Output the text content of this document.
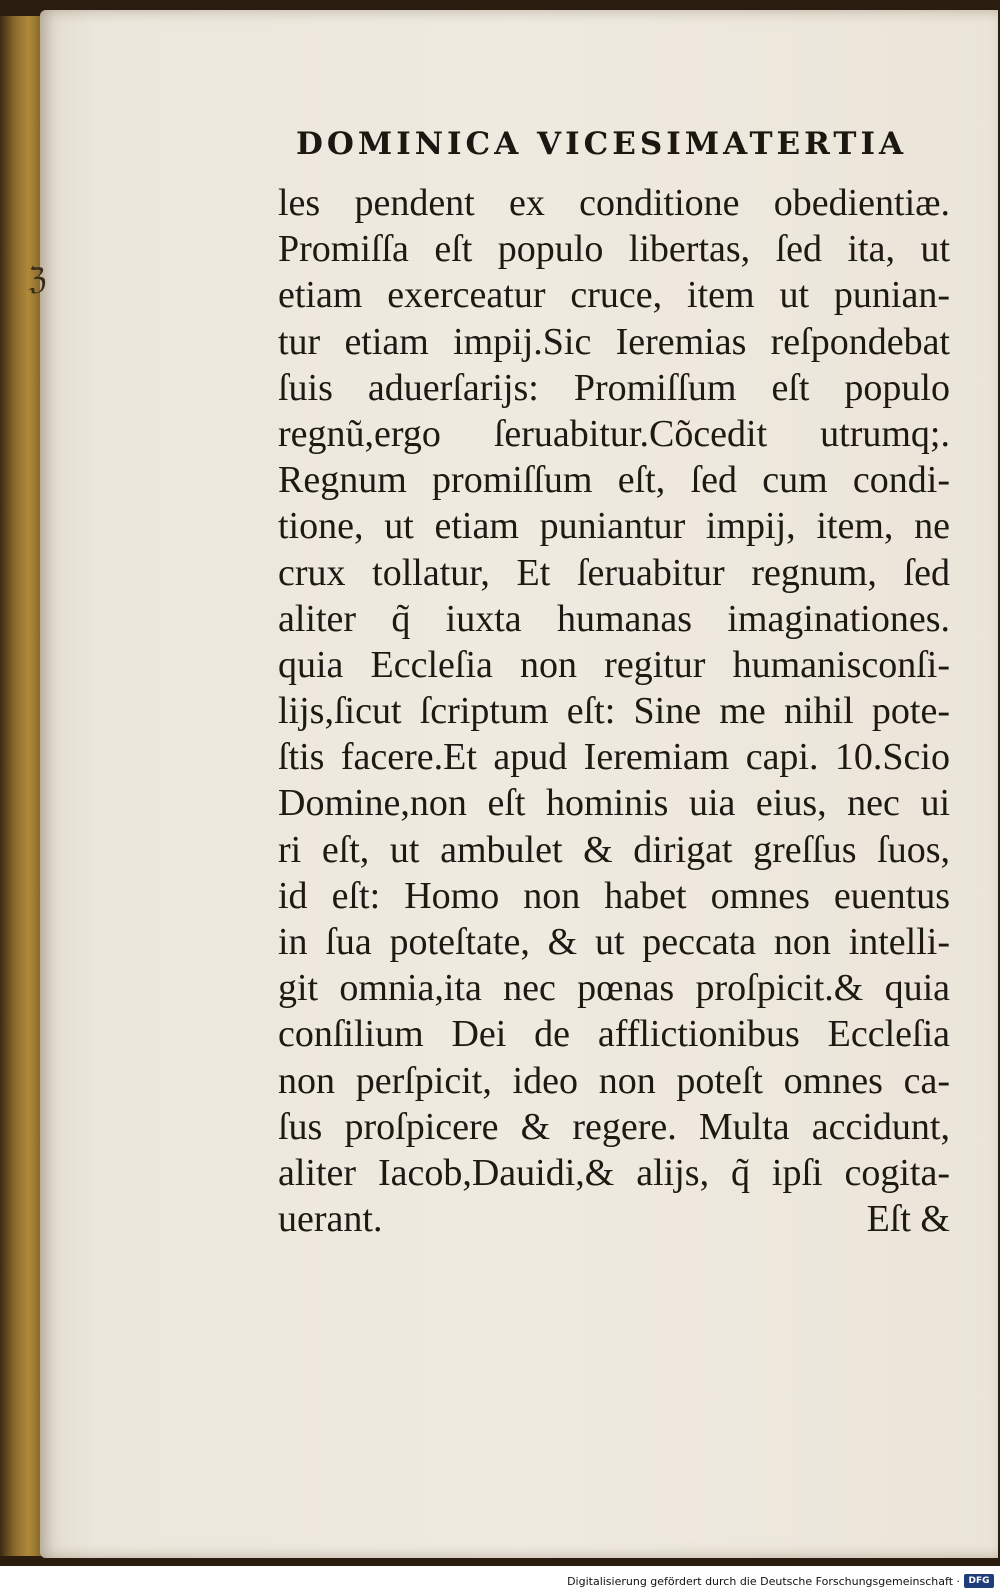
ℨ
DOMINICA VICESIMATERTIA
les pendent ex conditione obedientiæ.
Promiſſa eſt populo libertas, ſed ita, ut
etiam exerceatur cruce, item ut punian-
tur etiam impij.Sic Ieremias reſpondebat
ſuis aduerſarijs: Promiſſum eſt populo
regnũ,ergo ſeruabitur.Cõcedit utrumq;.
Regnum promiſſum eſt, ſed cum condi-
tione, ut etiam puniantur impij, item, ne
crux tollatur, Et ſeruabitur regnum, ſed
aliter q̃ iuxta humanas imaginationes.
quia Eccleſia non regitur humanisconſi-
lijs,ſicut ſcriptum eſt: Sine me nihil pote-
ſtis facere.Et apud Ieremiam capi. 10.Scio
Domine,non eſt hominis uia eius, nec ui
ri eſt, ut ambulet & dirigat greſſus ſuos,
id eſt: Homo non habet omnes euentus
in ſua poteſtate, & ut peccata non intelli-
git omnia,ita nec pœnas proſpicit.& quia
conſilium Dei de afflictionibus Eccleſia
non perſpicit, ideo non poteſt omnes ca-
ſus proſpicere & regere. Multa accidunt,
aliter Iacob,Dauidi,& alijs, q̃ ipſi cogita-
uerant.	Eſt &
Digitalisierung gefördert durch die Deutsche Forschungsgemeinschaft · DFG
